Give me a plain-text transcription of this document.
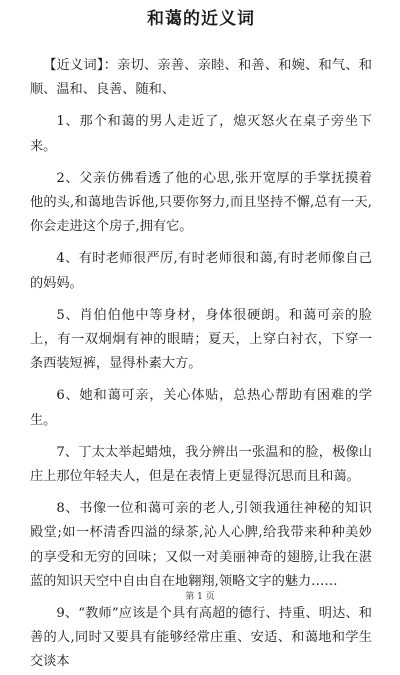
和蔼的近义词

【近义词】：亲切、亲善、亲睦、和善、和婉、和气、和顺、温和、良善、随和、

1、那个和蔼的男人走近了，熄灭怒火在桌子旁坐下来。

2、父亲仿佛看透了他的心思,张开宽厚的手掌抚摸着他的头,和蔼地告诉他,只要你努力,而且坚持不懈,总有一天,你会走进这个房子,拥有它。

4、有时老师很严厉,有时老师很和蔼,有时老师像自己的妈妈。

5、肖伯伯他中等身材，身体很硬朗。和蔼可亲的脸上，有一双炯炯有神的眼睛；夏天，上穿白衬衣，下穿一条西装短裤，显得朴素大方。

6、她和蔼可亲，关心体贴，总热心帮助有困难的学生。

7、丁太太举起蜡烛，我分辨出一张温和的脸，极像山庄上那位年轻夫人，但是在表情上更显得沉思而且和蔼。

8、书像一位和蔼可亲的老人,引领我通往神秘的知识殿堂;如一杯清香四溢的绿茶,沁人心脾,给我带来种种美妙的享受和无穷的回味；又似一对美丽神奇的翅膀,让我在湛蓝的知识天空中自由自在地翱翔,领略文字的魅力……

9、“教师”应该是个具有高超的德行、持重、明达、和善的人,同时又要具有能够经常庄重、安适、和蔼地和学生交谈本

第 1 页
